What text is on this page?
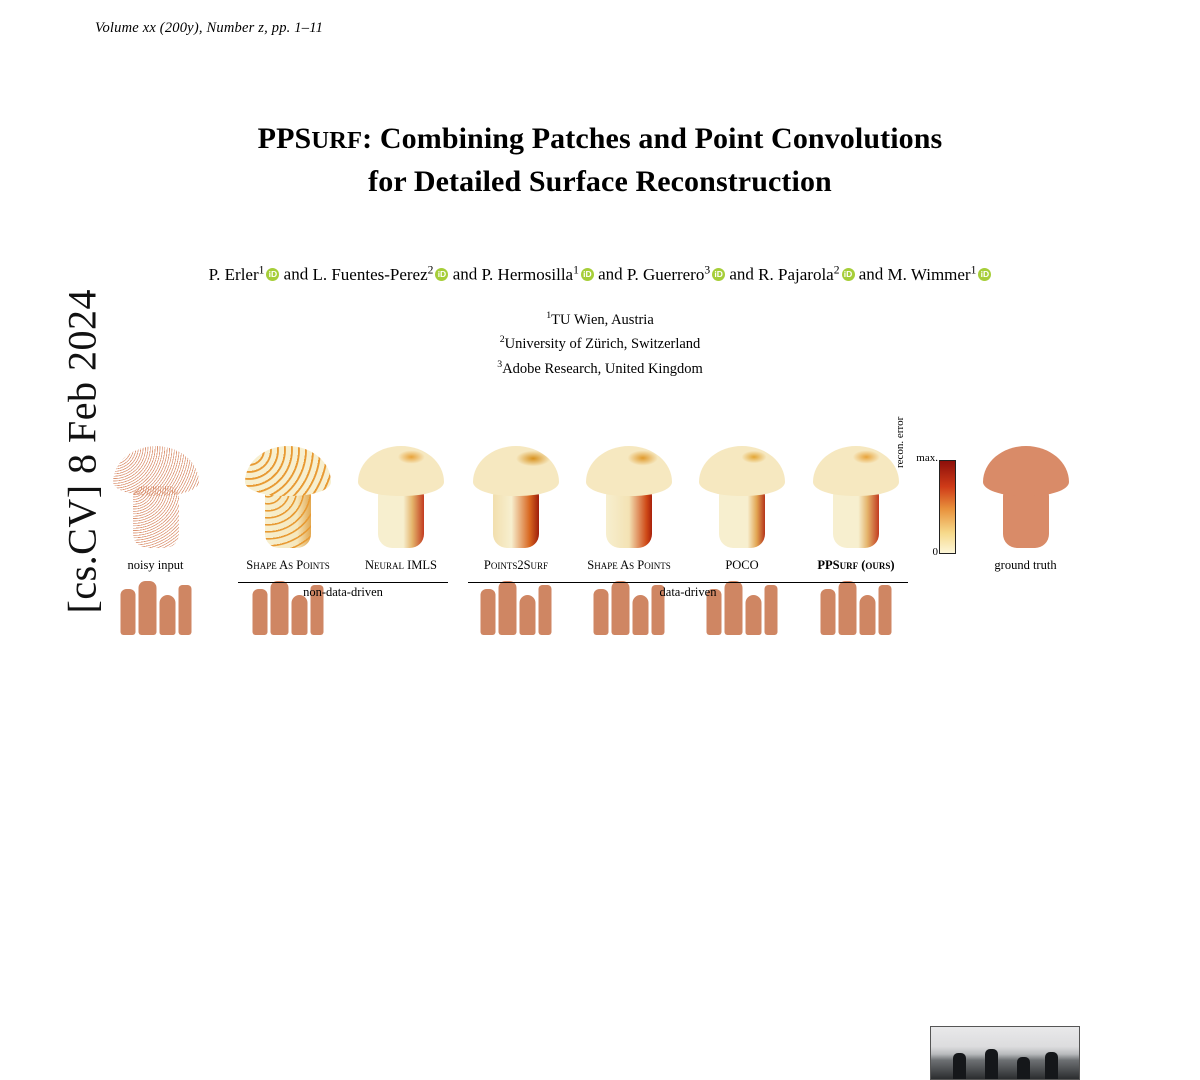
[cs.CV] 8 Feb 2024
Volume xx (200y), Number z, pp. 1–11
PPSURF: Combining Patches and Point Convolutions
for Detailed Surface Reconstruction
P. Erler$^1$ iD and L. Fuentes-Perez$^2$ iD and P. Hermosilla$^1$ iD and P. Guerrero$^3$ iD and R. Pajarola$^2$ iD and M. Wimmer$^1$iD
$^1$TU Wien, Austria
$^2$University of Zürich, Switzerland
$^3$Adobe Research, United Kingdom
noisy input	Shape As Points	Neural IMLS	Points2Surf	Shape As Points	POCO	PPSurf (ours)	ground truth
non-data-driven	data-driven
max.
0
recon. error
